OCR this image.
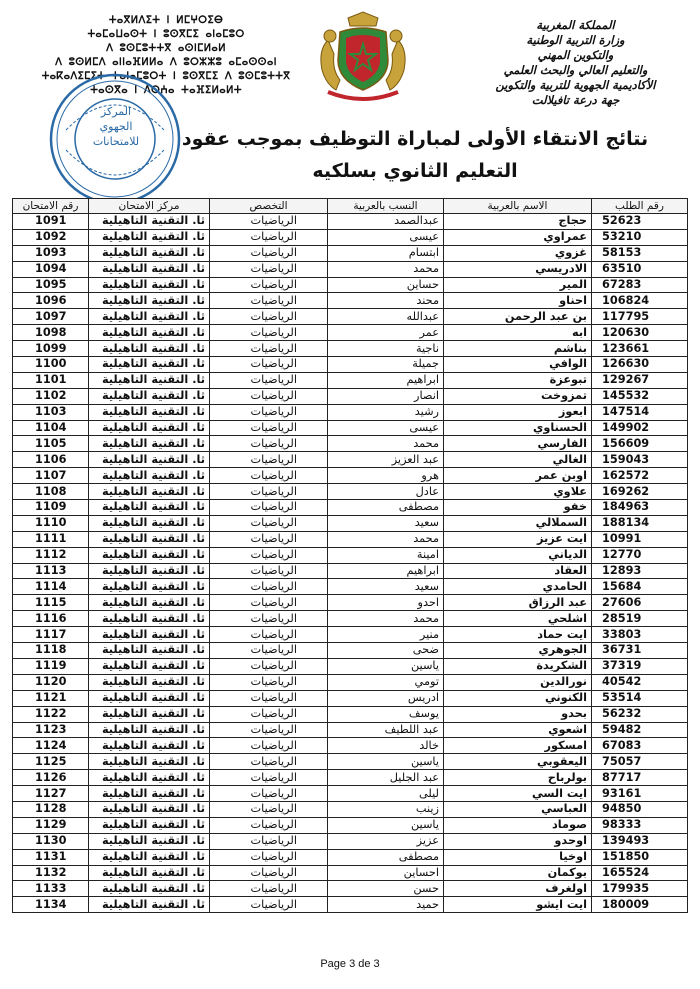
ⵜⴰⴳⵍⴷⵉⵜ ⵏ ⵍⵎⵖⵔⵉⴱ
ⵜⴰⵎⴰⵡⴰⵙⵜ ⵏ ⵓⵙⴳⵎⵉ ⴰⵏⴰⵎⵓⵔ
ⴷ ⵓⵙⵎⵓⵜⵜⴳ ⴰⵙⵏⵎⵍⴰⵍ
ⴷ ⵓⵙⵍⵎⴷ ⴰⵏⵏⴰⴼⵍⵍⴰ ⴷ ⵓⵔⵣⵣⵓ ⴰⵎⴰⵙⵙⴰⵏ
ⵜⴰⴽⴰⴷⵉⵎⵉⵜ ⵜⴰⵏⴰⵎⵓⵔⵜ ⵏ ⵓⵙⴳⵎⵉ ⴷ ⵓⵙⵎⵓⵜⵜⴳ
ⵜⴰⵙⴳⴰ ⵏ ⴷⵔⵄⴰ ⵜⴰⴼⵉⵍⴰⵍⵜ
المملكة المغربية
وزارة التربية الوطنية
والتكوين المهني
والتعليم العالي والبحث العلمي
الأكاديمية الجهوية للتربية والتكوين
جهة درعة تافيلالت
المركز
الجهوي
للامتحانات	نتائج الانتقاء الأولى لمباراة التوظيف بموجب عقود
التعليم الثانوي بسلكيه
رقم الطلب	الاسم بالعربية	النسب بالعربية	التخصص	مركز الامتحان	رقم الامتحان
52623	حجاج	عبدالصمد	الرياضيات	ثا. التقنية التاهيلية	1091
53210	عمراوي	عيسى	الرياضيات	ثا. التقنية التاهيلية	1092
58153	غزوي	ابتسام	الرياضيات	ثا. التقنية التاهيلية	1093
63510	الادريسي	محمد	الرياضيات	ثا. التقنية التاهيلية	1094
67283	المير	حساين	الرياضيات	ثا. التقنية التاهيلية	1095
106824	احناو	محند	الرياضيات	ثا. التقنية التاهيلية	1096
117795	بن عبد الرحمن	عبدالله	الرياضيات	ثا. التقنية التاهيلية	1097
120630	ابه	عمر	الرياضيات	ثا. التقنية التاهيلية	1098
123661	بناشم	ناجية	الرياضيات	ثا. التقنية التاهيلية	1099
126630	الوافي	جميلة	الرياضيات	ثا. التقنية التاهيلية	1100
129267	تبوعزة	ابراهيم	الرياضيات	ثا. التقنية التاهيلية	1101
145532	تمزوخت	انصار	الرياضيات	ثا. التقنية التاهيلية	1102
147514	ابعوز	رشيد	الرياضيات	ثا. التقنية التاهيلية	1103
149902	الحسناوي	عيسى	الرياضيات	ثا. التقنية التاهيلية	1104
156609	الفارسي	محمد	الرياضيات	ثا. التقنية التاهيلية	1105
159043	الغالي	عبد العزيز	الرياضيات	ثا. التقنية التاهيلية	1106
162572	اوبن عمر	هرو	الرياضيات	ثا. التقنية التاهيلية	1107
169262	علاوي	عادل	الرياضيات	ثا. التقنية التاهيلية	1108
184963	خفو	مصطفى	الرياضيات	ثا. التقنية التاهيلية	1109
188134	السملالي	سعيد	الرياضيات	ثا. التقنية التاهيلية	1110
10991	ايت عزيز	محمد	الرياضيات	ثا. التقنية التاهيلية	1111
12770	الدياني	امينة	الرياضيات	ثا. التقنية التاهيلية	1112
12893	العقاد	ابراهيم	الرياضيات	ثا. التقنية التاهيلية	1113
15684	الحامدي	سعيد	الرياضيات	ثا. التقنية التاهيلية	1114
27606	عبد الرزاق	احدو	الرياضيات	ثا. التقنية التاهيلية	1115
28519	اشلحي	محمد	الرياضيات	ثا. التقنية التاهيلية	1116
33803	ايت حماد	منير	الرياضيات	ثا. التقنية التاهيلية	1117
36731	الجوهري	ضحى	الرياضيات	ثا. التقنية التاهيلية	1118
37319	الشكريدة	ياسين	الرياضيات	ثا. التقنية التاهيلية	1119
40542	نورالدين	تومي	الرياضيات	ثا. التقنية التاهيلية	1120
53514	الكنوني	ادريس	الرياضيات	ثا. التقنية التاهيلية	1121
56232	بحدو	يوسف	الرياضيات	ثا. التقنية التاهيلية	1122
59482	اشعوي	عبد اللطيف	الرياضيات	ثا. التقنية التاهيلية	1123
67083	امسكور	خالد	الرياضيات	ثا. التقنية التاهيلية	1124
75057	اليعقوبي	ياسين	الرياضيات	ثا. التقنية التاهيلية	1125
87717	بولرباح	عبد الجليل	الرياضيات	ثا. التقنية التاهيلية	1126
93161	ايت السي	ليلى	الرياضيات	ثا. التقنية التاهيلية	1127
94850	العباسي	زينب	الرياضيات	ثا. التقنية التاهيلية	1128
98333	صوماد	ياسين	الرياضيات	ثا. التقنية التاهيلية	1129
139493	اوحدو	عزيز	الرياضيات	ثا. التقنية التاهيلية	1130
151850	اوخيا	مصطفى	الرياضيات	ثا. التقنية التاهيلية	1131
165524	بوكمان	احساين	الرياضيات	ثا. التقنية التاهيلية	1132
179935	اولغرف	حسن	الرياضيات	ثا. التقنية التاهيلية	1133
180009	ايت ايشو	حميد	الرياضيات	ثا. التقنية التاهيلية	1134
Page 3 de 3
